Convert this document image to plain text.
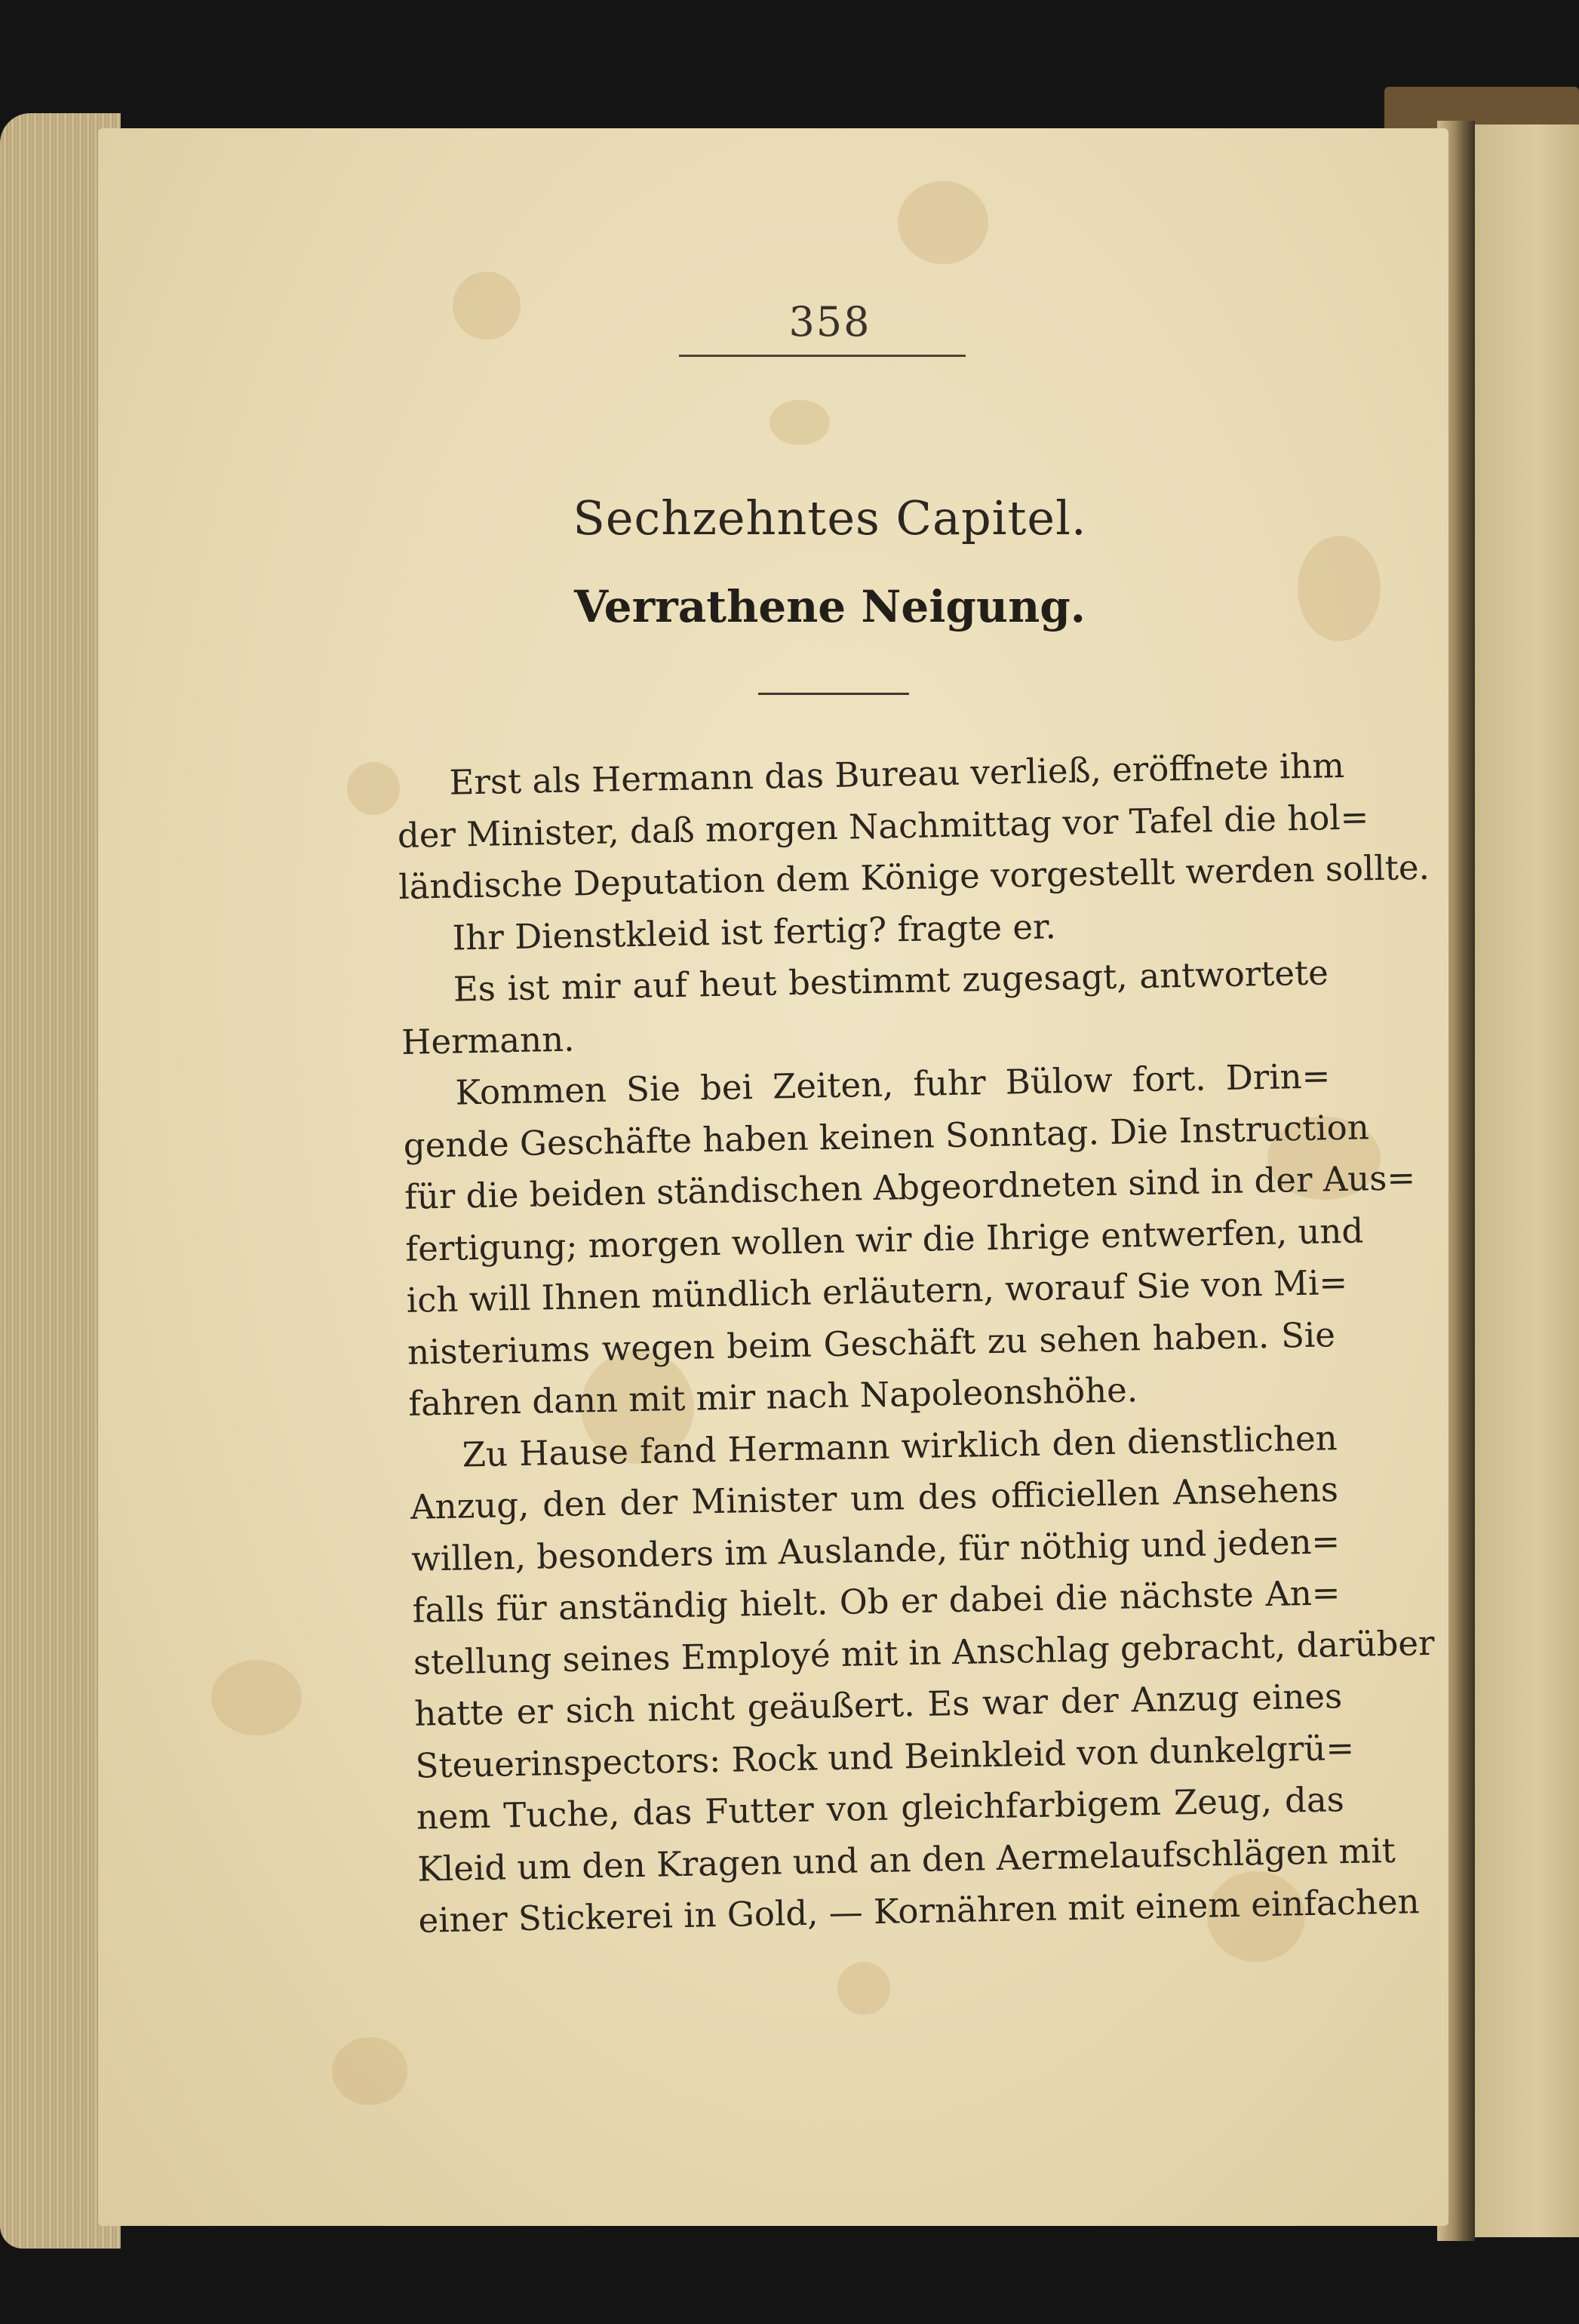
358
Sechzehntes Capitel.
Verrathene Neigung.
Erst als Hermann das Bureau verließ, eröffnete ihm
der Minister, daß morgen Nachmittag vor Tafel die hol=
ländische Deputation dem Könige vorgestellt werden sollte.
Ihr Dienstkleid ist fertig? fragte er.
Es ist mir auf heut bestimmt zugesagt, antwortete
Hermann.
Kommen Sie bei Zeiten, fuhr Bülow fort. Drin=
gende Geschäfte haben keinen Sonntag. Die Instruction
für die beiden ständischen Abgeordneten sind in der Aus=
fertigung; morgen wollen wir die Ihrige entwerfen, und
ich will Ihnen mündlich erläutern, worauf Sie von Mi=
nisteriums wegen beim Geschäft zu sehen haben. Sie
fahren dann mit mir nach Napoleonshöhe.
Zu Hause fand Hermann wirklich den dienstlichen
Anzug, den der Minister um des officiellen Ansehens
willen, besonders im Auslande, für nöthig und jeden=
falls für anständig hielt. Ob er dabei die nächste An=
stellung seines Employé mit in Anschlag gebracht, darüber
hatte er sich nicht geäußert. Es war der Anzug eines
Steuerinspectors: Rock und Beinkleid von dunkelgrü=
nem Tuche, das Futter von gleichfarbigem Zeug, das
Kleid um den Kragen und an den Aermelaufschlägen mit
einer Stickerei in Gold, — Kornähren mit einem einfachen
